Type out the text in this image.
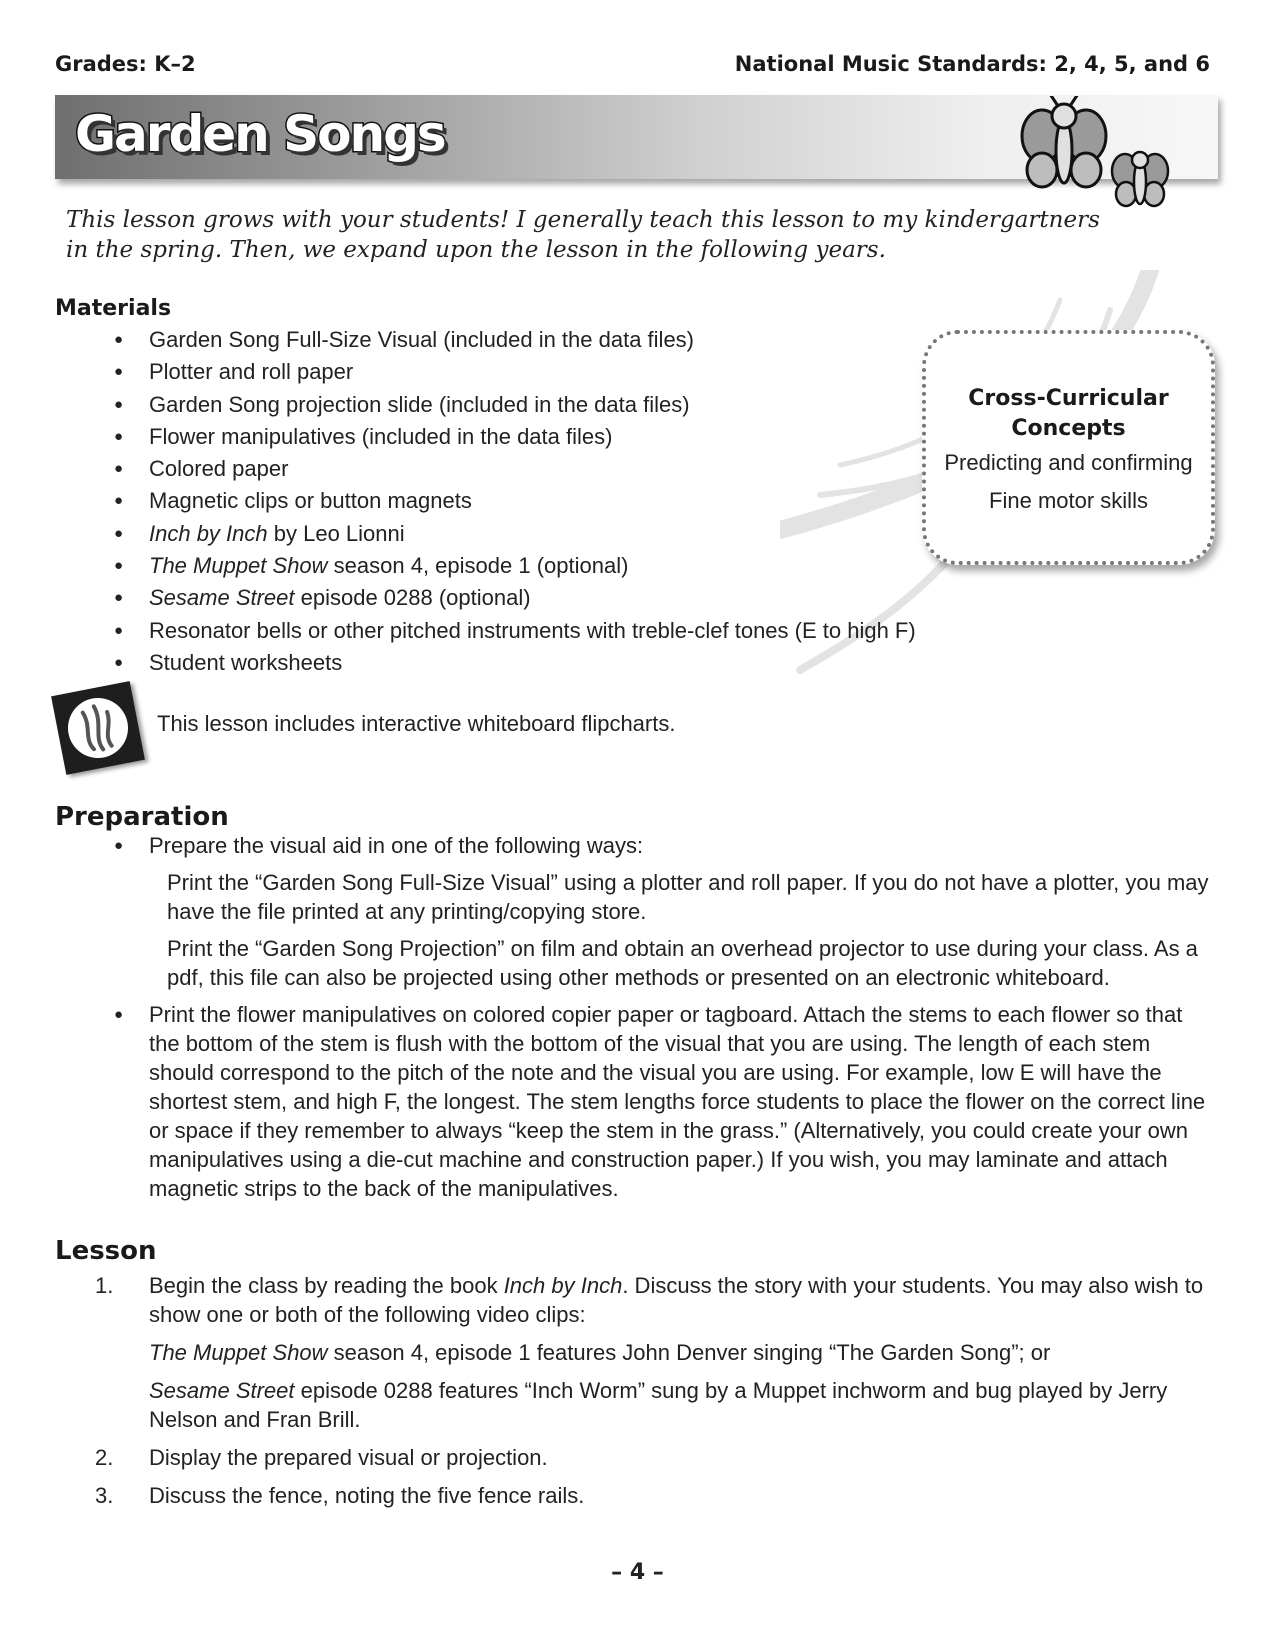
Grades: K–2	National Music Standards: 2, 4, 5, and 6
Garden Songs
This lesson grows with your students! I generally teach this lesson to my kindergartners in the spring. Then, we expand upon the lesson in the following years.
Materials
● Garden Song Full-Size Visual (included in the data files)
● Plotter and roll paper
● Garden Song projection slide (included in the data files)
● Flower manipulatives (included in the data files)
● Colored paper
● Magnetic clips or button magnets
● Inch by Inch by Leo Lionni
● The Muppet Show season 4, episode 1 (optional)
● Sesame Street episode 0288 (optional)
● Resonator bells or other pitched instruments with treble-clef tones (E to high F)
● Student worksheets
Cross-Curricular Concepts
Predicting and confirming
Fine motor skills
This lesson includes interactive whiteboard flipcharts.
Preparation

● Prepare the visual aid in one of the following ways:

Print the “Garden Song Full-Size Visual” using a plotter and roll paper. If you do not have a plotter, you may have the file printed at any printing/copying store.

Print the “Garden Song Projection” on film and obtain an overhead projector to use during your class. As a pdf, this file can also be projected using other methods or presented on an electronic whiteboard.

● Print the flower manipulatives on colored copier paper or tagboard. Attach the stems to each flower so that the bottom of the stem is flush with the bottom of the visual that you are using. The length of each stem should correspond to the pitch of the note and the visual you are using. For example, low E will have the shortest stem, and high F, the longest. The stem lengths force students to place the flower on the correct line or space if they remember to always “keep the stem in the grass.” (Alternatively, you could create your own manipulatives using a die-cut machine and construction paper.) If you wish, you may laminate and attach magnetic strips to the back of the manipulatives.

Lesson

1. Begin the class by reading the book Inch by Inch. Discuss the story with your students. You may also wish to show one or both of the following video clips:

The Muppet Show season 4, episode 1 features John Denver singing “The Garden Song”; or

Sesame Street episode 0288 features “Inch Worm” sung by a Muppet inchworm and bug played by Jerry Nelson and Fran Brill.

2. Display the prepared visual or projection.

3. Discuss the fence, noting the five fence rails.

– 4 –
